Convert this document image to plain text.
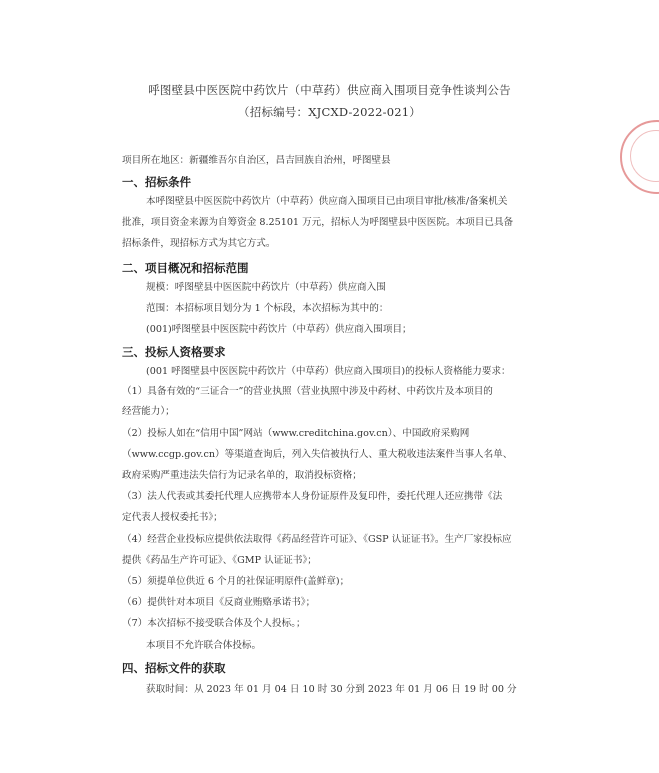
呼图壁县中医医院中药饮片（中草药）供应商入围项目竞争性谈判公告
（招标编号：XJCXD-2022-021）
项目所在地区：新疆维吾尔自治区，昌吉回族自治州，呼图壁县
一、招标条件
本呼图壁县中医医院中药饮片（中草药）供应商入围项目已由项目审批/核准/备案机关
批准，项目资金来源为自筹资金 8.25101 万元，招标人为呼图壁县中医医院。本项目已具备
招标条件，现招标方式为其它方式。
二、项目概况和招标范围
规模：呼图壁县中医医院中药饮片（中草药）供应商入围
范围：本招标项目划分为 1 个标段，本次招标为其中的：
(001)呼图壁县中医医院中药饮片（中草药）供应商入围项目；
三、投标人资格要求
(001 呼图壁县中医医院中药饮片（中草药）供应商入围项目)的投标人资格能力要求：
（1）具备有效的“三证合一”的营业执照（营业执照中涉及中药材、中药饮片及本项目的
经营能力）；
（2）投标人如在“信用中国”网站（www.creditchina.gov.cn）、中国政府采购网
（www.ccgp.gov.cn）等渠道查询后，列入失信被执行人、重大税收违法案件当事人名单、
政府采购严重违法失信行为记录名单的，取消投标资格；
（3）法人代表或其委托代理人应携带本人身份证原件及复印件，委托代理人还应携带《法
定代表人授权委托书》；
（4）经营企业投标应提供依法取得《药品经营许可证》、《GSP 认证证书》。生产厂家投标应
提供《药品生产许可证》、《GMP 认证证书》；
（5）须提单位供近 6 个月的社保证明原件(盖鲜章)；
（6）提供针对本项目《反商业贿赂承诺书》；
（7）本次招标不接受联合体及个人投标。；
本项目不允许联合体投标。
四、招标文件的获取
获取时间：从 2023 年 01 月 04 日 10 时 30 分到 2023 年 01 月 06 日 19 时 00 分
